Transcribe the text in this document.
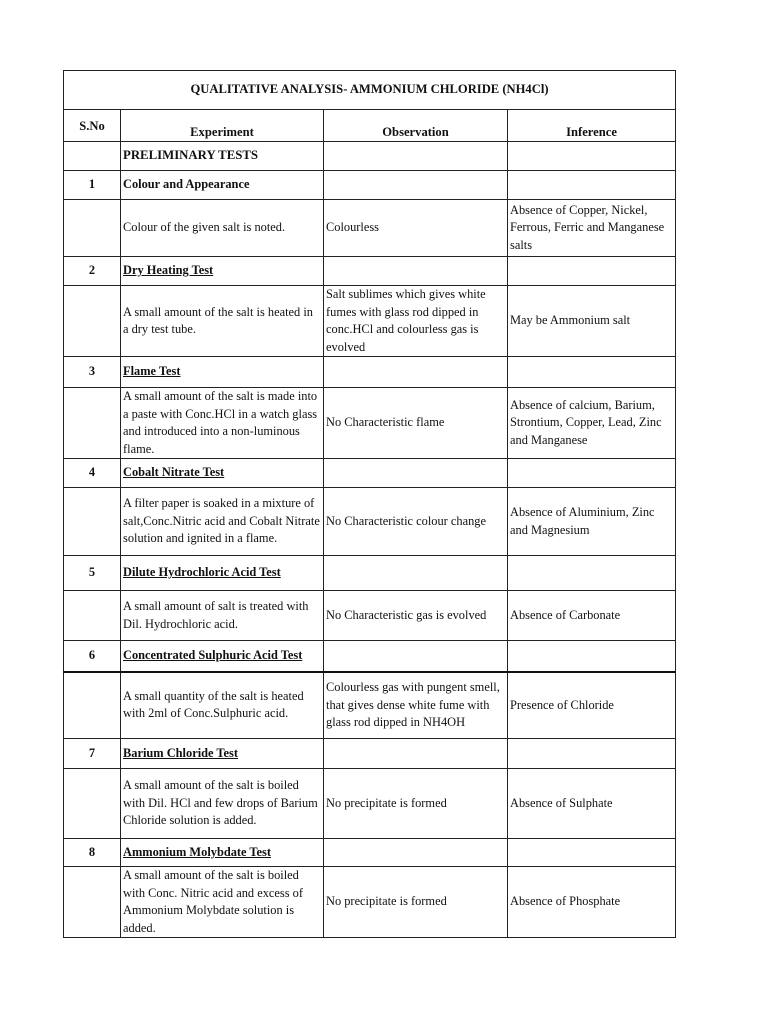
QUALITATIVE ANALYSIS- AMMONIUM CHLORIDE (NH4Cl)			
S.No	Experiment	Observation	Inference
	PRELIMINARY TESTS		
1	Colour and Appearance		
	Colour of the given salt is noted.	Colourless	Absence of Copper, Nickel, Ferrous, Ferric and Manganese salts
2	Dry Heating Test		
	A small amount of the salt is heated in a dry test tube.	Salt sublimes which gives white fumes with glass rod dipped in conc.HCl and colourless gas is evolved	May be Ammonium salt
3	Flame Test		
	A small amount of the salt is made into a paste with Conc.HCl in a watch glass and introduced into a non-luminous flame.	No Characteristic flame	Absence of calcium, Barium, Strontium, Copper, Lead, Zinc and Manganese
4	Cobalt Nitrate Test		
	A filter paper is soaked in a mixture of salt,Conc.Nitric acid and Cobalt Nitrate solution and ignited in a flame.	No Characteristic colour change	Absence of Aluminium, Zinc and Magnesium
5	Dilute Hydrochloric Acid Test		
	A small amount of salt is treated with Dil. Hydrochloric acid.	No Characteristic gas is evolved	Absence of Carbonate
6	Concentrated Sulphuric Acid Test		
	A small quantity of the salt is heated with 2ml of Conc.Sulphuric acid.	Colourless gas with pungent smell, that gives dense white fume with glass rod dipped in NH4OH	Presence of Chloride
7	Barium Chloride Test		
	A small amount of the salt is boiled with Dil. HCl and few drops of Barium Chloride solution is added.	No precipitate is formed	Absence of Sulphate
8	Ammonium Molybdate Test		
	A small amount of the salt is boiled with Conc. Nitric acid and excess of Ammonium Molybdate solution is added.	No precipitate is formed	Absence of Phosphate
